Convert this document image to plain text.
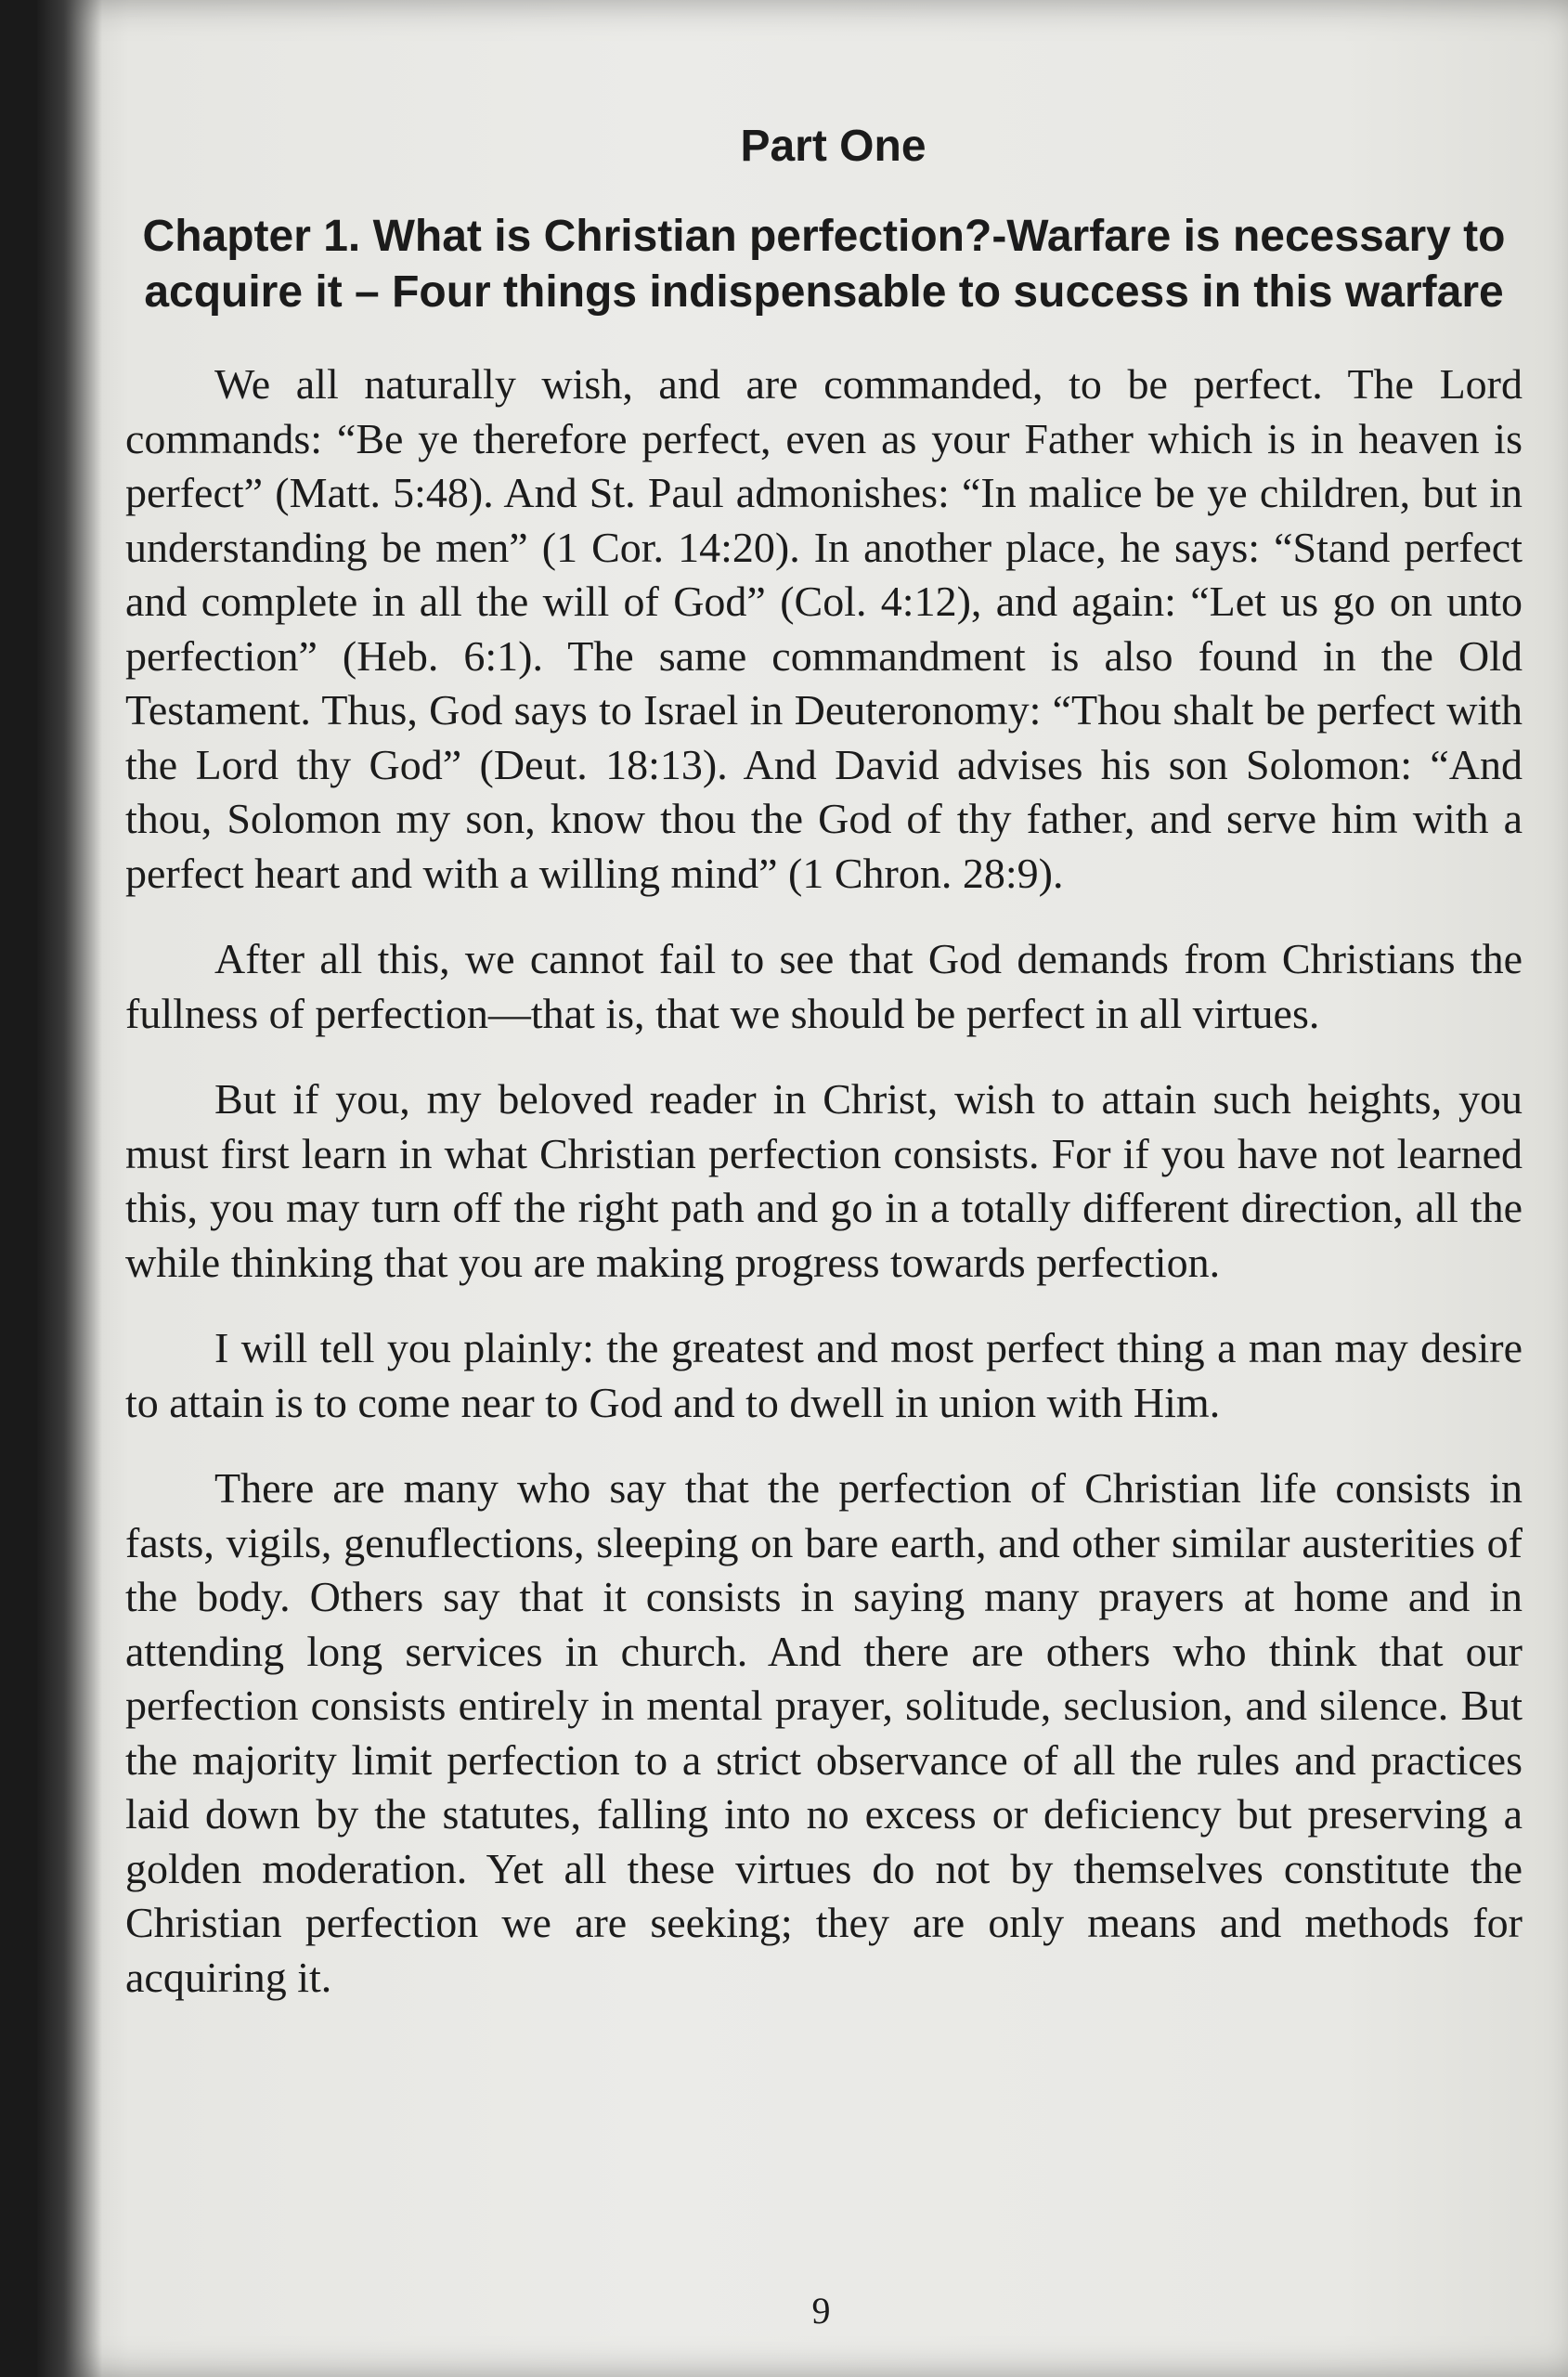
Part One
Chapter 1. What is Christian perfection?-Warfare is necessary to acquire it – Four things indispensable to success in this warfare

We all naturally wish, and are commanded, to be perfect. The Lord commands: “Be ye therefore perfect, even as your Father which is in heaven is perfect” (Matt. 5:48). And St. Paul admonishes: “In malice be ye children, but in understanding be men” (1 Cor. 14:20). In another place, he says: “Stand perfect and complete in all the will of God” (Col. 4:12), and again: “Let us go on unto perfection” (Heb. 6:1). The same commandment is also found in the Old Testament. Thus, God says to Israel in Deuteronomy: “Thou shalt be perfect with the Lord thy God” (Deut. 18:13). And David advises his son Solomon: “And thou, Solomon my son, know thou the God of thy father, and serve him with a perfect heart and with a willing mind” (1 Chron. 28:9).

After all this, we cannot fail to see that God demands from Christians the fullness of perfection—that is, that we should be perfect in all virtues.

But if you, my beloved reader in Christ, wish to attain such heights, you must first learn in what Christian perfection consists. For if you have not learned this, you may turn off the right path and go in a totally different direction, all the while thinking that you are making progress towards perfection.

I will tell you plainly: the greatest and most perfect thing a man may desire to attain is to come near to God and to dwell in union with Him.

There are many who say that the perfection of Christian life consists in fasts, vigils, genuflections, sleeping on bare earth, and other similar austerities of the body. Others say that it consists in saying many prayers at home and in attending long services in church. And there are others who think that our perfection consists entirely in mental prayer, solitude, seclusion, and silence. But the majority limit perfection to a strict observance of all the rules and practices laid down by the statutes, falling into no excess or deficiency but preserving a golden moderation. Yet all these virtues do not by themselves constitute the Christian perfection we are seeking; they are only means and methods for acquiring it.

9
